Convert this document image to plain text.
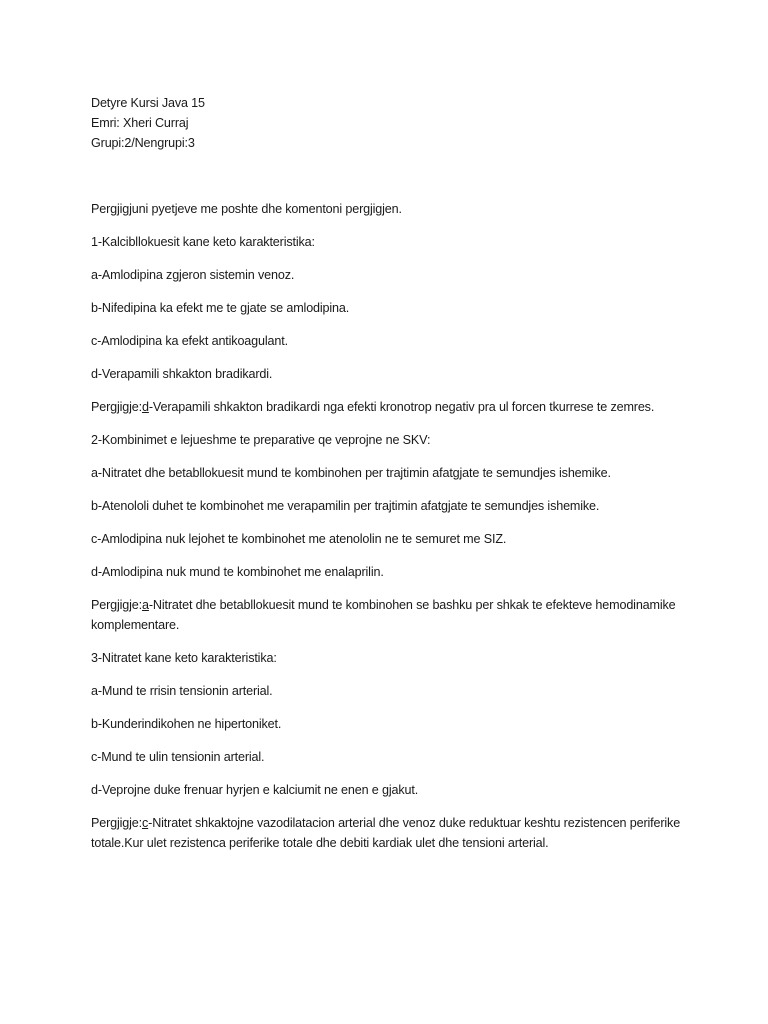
Detyre Kursi Java 15

Emri: Xheri Curraj

Grupi:2/Nengrupi:3

Pergjigjuni pyetjeve me poshte dhe komentoni pergjigjen.

1-Kalcibllokuesit kane keto karakteristika:

a-Amlodipina zgjeron sistemin venoz.

b-Nifedipina ka efekt me te gjate se amlodipina.

c-Amlodipina ka efekt antikoagulant.

d-Verapamili shkakton bradikardi.

Pergjigje:d-Verapamili shkakton bradikardi nga efekti kronotrop negativ pra ul forcen tkurrese te zemres.

2-Kombinimet e lejueshme te preparative qe veprojne ne SKV:

a-Nitratet dhe betabllokuesit mund te kombinohen per trajtimin afatgjate te semundjes ishemike.

b-Atenololi duhet te kombinohet me verapamilin per trajtimin afatgjate te semundjes ishemike.

c-Amlodipina nuk lejohet te kombinohet me atenololin ne te semuret me SIZ.

d-Amlodipina nuk mund te kombinohet me enalaprilin.

Pergjigje:a-Nitratet dhe betabllokuesit mund te kombinohen se bashku per shkak te efekteve hemodinamike komplementare.

3-Nitratet kane keto karakteristika:

a-Mund te rrisin tensionin arterial.

b-Kunderindikohen ne hipertoniket.

c-Mund te ulin tensionin arterial.

d-Veprojne duke frenuar hyrjen e kalciumit ne enen e gjakut.

Pergjigje:c-Nitratet shkaktojne vazodilatacion arterial dhe venoz duke reduktuar keshtu rezistencen periferike totale.Kur ulet rezistenca periferike totale dhe debiti kardiak ulet dhe tensioni arterial.
